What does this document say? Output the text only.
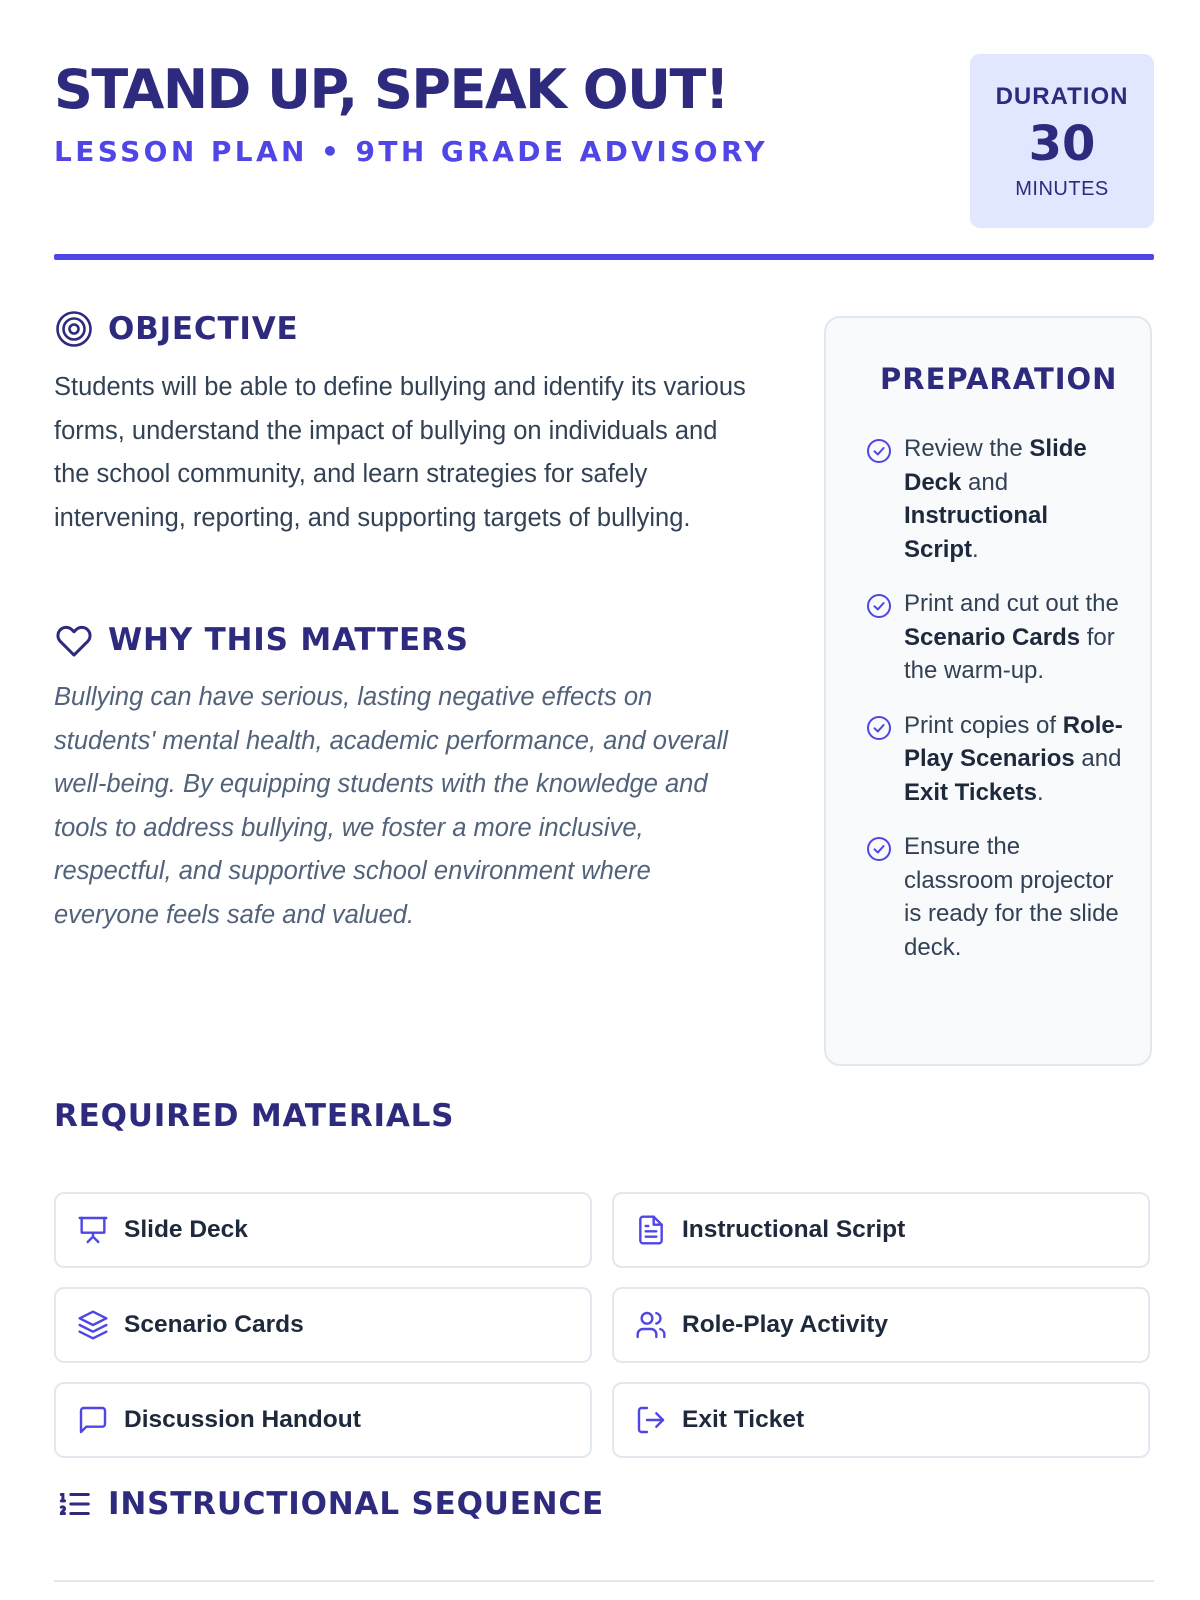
STAND UP, SPEAK OUT!
LESSON PLAN • 9TH GRADE ADVISORY
DURATION
30
MINUTES
OBJECTIVE
Students will be able to define bullying and identify its various forms, understand the impact of bullying on individuals and the school community, and learn strategies for safely intervening, reporting, and supporting targets of bullying.
WHY THIS MATTERS
Bullying can have serious, lasting negative effects on students' mental health, academic performance, and overall well-being. By equipping students with the knowledge and tools to address bullying, we foster a more inclusive, respectful, and supportive school environment where everyone feels safe and valued.
PREPARATION
Review the Slide Deck and Instructional Script.
Print and cut out the Scenario Cards for the warm-up.
Print copies of Role-Play Scenarios and Exit Tickets.
Ensure the classroom projector is ready for the slide deck.
REQUIRED MATERIALS
Slide Deck	Instructional Script
Scenario Cards	Role-Play Activity
Discussion Handout	Exit Ticket
INSTRUCTIONAL SEQUENCE
